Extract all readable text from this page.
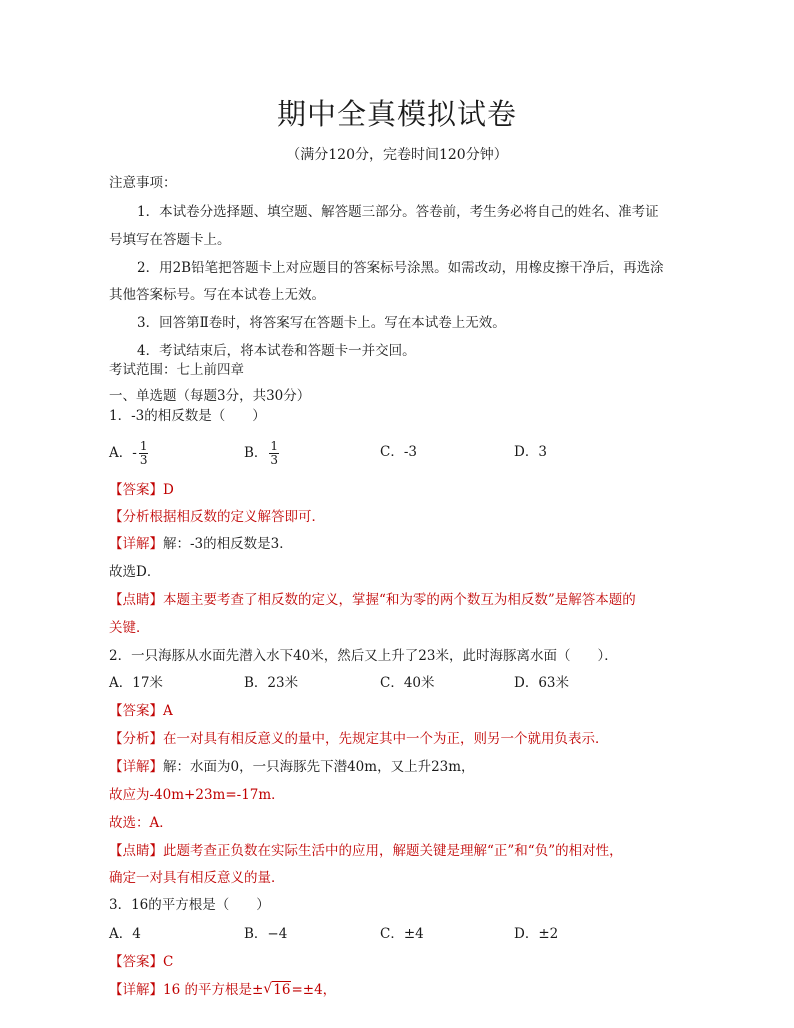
期中全真模拟试卷
（满分120分，完卷时间120分钟）
注意事项：
1．本试卷分选择题、填空题、解答题三部分。答卷前，考生务必将自己的姓名、准考证
号填写在答题卡上。
2．用2B铅笔把答题卡上对应题目的答案标号涂黑。如需改动，用橡皮擦干净后，再选涂
其他答案标号。写在本试卷上无效。
3．回答第Ⅱ卷时，将答案写在答题卡上。写在本试卷上无效。
4．考试结束后，将本试卷和答题卡一并交回。
考试范围：七上前四章
一、单选题（每题3分，共30分）
1．-3的相反数是（　　）
A．- $\frac{1}{3}$	B． $\frac{1}{3}$	C．-3	D．3
【答案】D
【分析根据相反数的定义解答即可．
【详解】解：-3的相反数是3．
故选D．
【点睛】本题主要考查了相反数的定义，掌握“和为零的两个数互为相反数”是解答本题的
关键．
2．一只海豚从水面先潜入水下40米，然后又上升了23米，此时海豚离水面（　　）．
A．17米	B．23米	C．40米	D．63米
【答案】A
【分析】在一对具有相反意义的量中，先规定其中一个为正，则另一个就用负表示．
【详解】解：水面为0，一只海豚先下潜40m，又上升23m，
故应为-40m+23m=-17m．
故选：A．
【点睛】此题考查正负数在实际生活中的应用，解题关键是理解“正”和“负”的相对性，
确定一对具有相反意义的量．
3．16的平方根是（　　）
A．4	B．−4	C．±4	D．±2
【答案】C
【详解】16 的平方根是± √ 16=±4，
